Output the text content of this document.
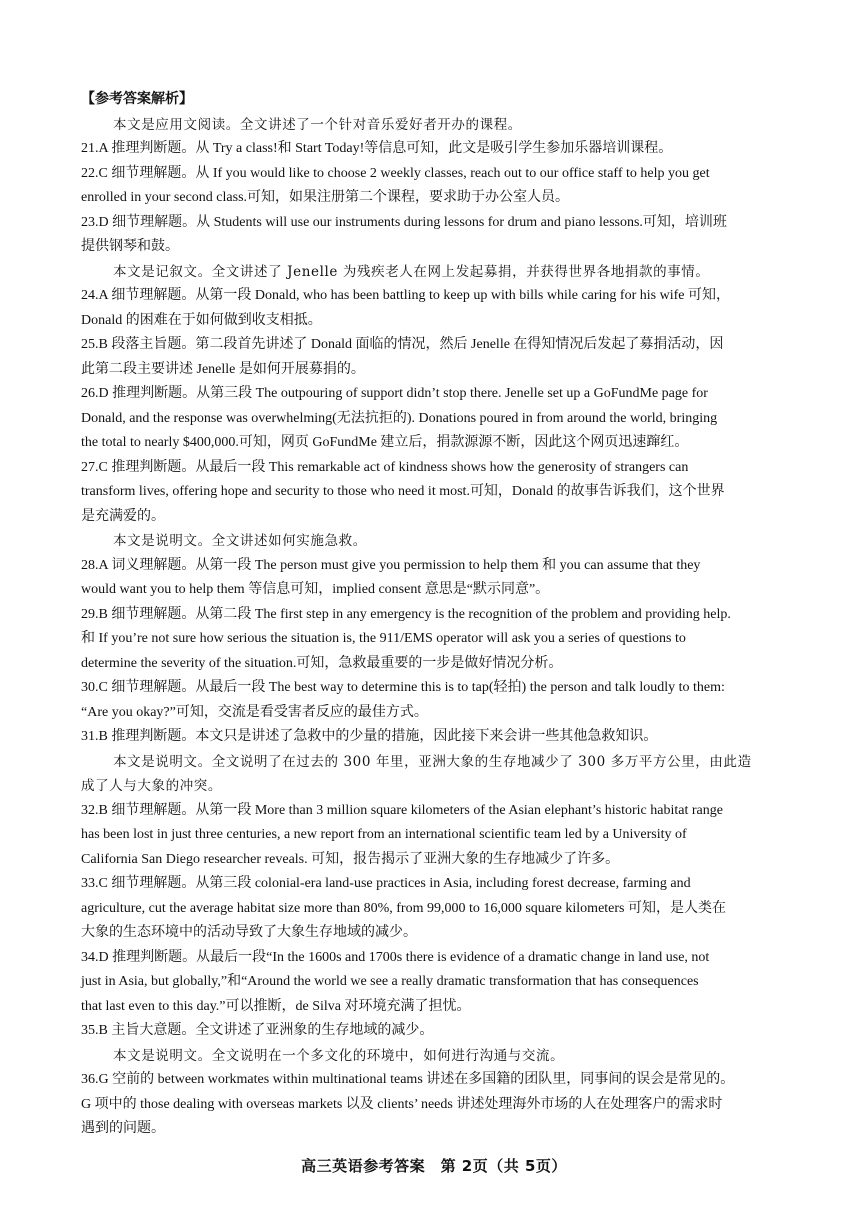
【参考答案解析】
本文是应用文阅读。全文讲述了一个针对音乐爱好者开办的课程。
21.A 推理判断题。从 Try a class!和 Start Today!等信息可知，此文是吸引学生参加乐器培训课程。
22.C 细节理解题。从 If you would like to choose 2 weekly classes, reach out to our office staff to help you get
enrolled in your second class.可知，如果注册第二个课程，要求助于办公室人员。
23.D 细节理解题。从 Students will use our instruments during lessons for drum and piano lessons.可知，培训班
提供钢琴和鼓。
本文是记叙文。全文讲述了 Jenelle 为残疾老人在网上发起募捐，并获得世界各地捐款的事情。
24.A 细节理解题。从第一段 Donald, who has been battling to keep up with bills while caring for his wife 可知，
Donald 的困难在于如何做到收支相抵。
25.B 段落主旨题。第二段首先讲述了 Donald 面临的情况，然后 Jenelle 在得知情况后发起了募捐活动，因
此第二段主要讲述 Jenelle 是如何开展募捐的。
26.D 推理判断题。从第三段 The outpouring of support didn’t stop there. Jenelle set up a GoFundMe page for
Donald, and the response was overwhelming(无法抗拒的). Donations poured in from around the world, bringing
the total to nearly $400,000.可知，网页 GoFundMe 建立后，捐款源源不断，因此这个网页迅速蹿红。
27.C 推理判断题。从最后一段 This remarkable act of kindness shows how the generosity of strangers can
transform lives, offering hope and security to those who need it most.可知，Donald 的故事告诉我们，这个世界
是充满爱的。
本文是说明文。全文讲述如何实施急救。
28.A 词义理解题。从第一段 The person must give you permission to help them 和 you can assume that they
would want you to help them 等信息可知，implied consent 意思是“默示同意”。
29.B 细节理解题。从第二段 The first step in any emergency is the recognition of the problem and providing help.
和 If you’re not sure how serious the situation is, the 911/EMS operator will ask you a series of questions to
determine the severity of the situation.可知，急救最重要的一步是做好情况分析。
30.C 细节理解题。从最后一段 The best way to determine this is to tap(轻拍) the person and talk loudly to them:
“Are you okay?”可知，交流是看受害者反应的最佳方式。
31.B 推理判断题。本文只是讲述了急救中的少量的措施，因此接下来会讲一些其他急救知识。
本文是说明文。全文说明了在过去的 300 年里，亚洲大象的生存地减少了 300 多万平方公里，由此造
成了人与大象的冲突。
32.B 细节理解题。从第一段 More than 3 million square kilometers of the Asian elephant’s historic habitat range
has been lost in just three centuries, a new report from an international scientific team led by a University of
California San Diego researcher reveals. 可知，报告揭示了亚洲大象的生存地减少了许多。
33.C 细节理解题。从第三段 colonial-era land-use practices in Asia, including forest decrease, farming and
agriculture, cut the average habitat size more than 80%, from 99,000 to 16,000 square kilometers 可知，是人类在
大象的生态环境中的活动导致了大象生存地域的减少。
34.D 推理判断题。从最后一段“In the 1600s and 1700s there is evidence of a dramatic change in land use, not
just in Asia, but globally,”和“Around the world we see a really dramatic transformation that has consequences
that last even to this day.”可以推断，de Silva 对环境充满了担忧。
35.B 主旨大意题。全文讲述了亚洲象的生存地域的减少。
本文是说明文。全文说明在一个多文化的环境中，如何进行沟通与交流。
36.G 空前的 between workmates within multinational teams 讲述在多国籍的团队里，同事间的误会是常见的。
G 项中的 those dealing with overseas markets 以及 clients’ needs 讲述处理海外市场的人在处理客户的需求时
遇到的问题。
高三英语参考答案　第 2页（共 5页）
